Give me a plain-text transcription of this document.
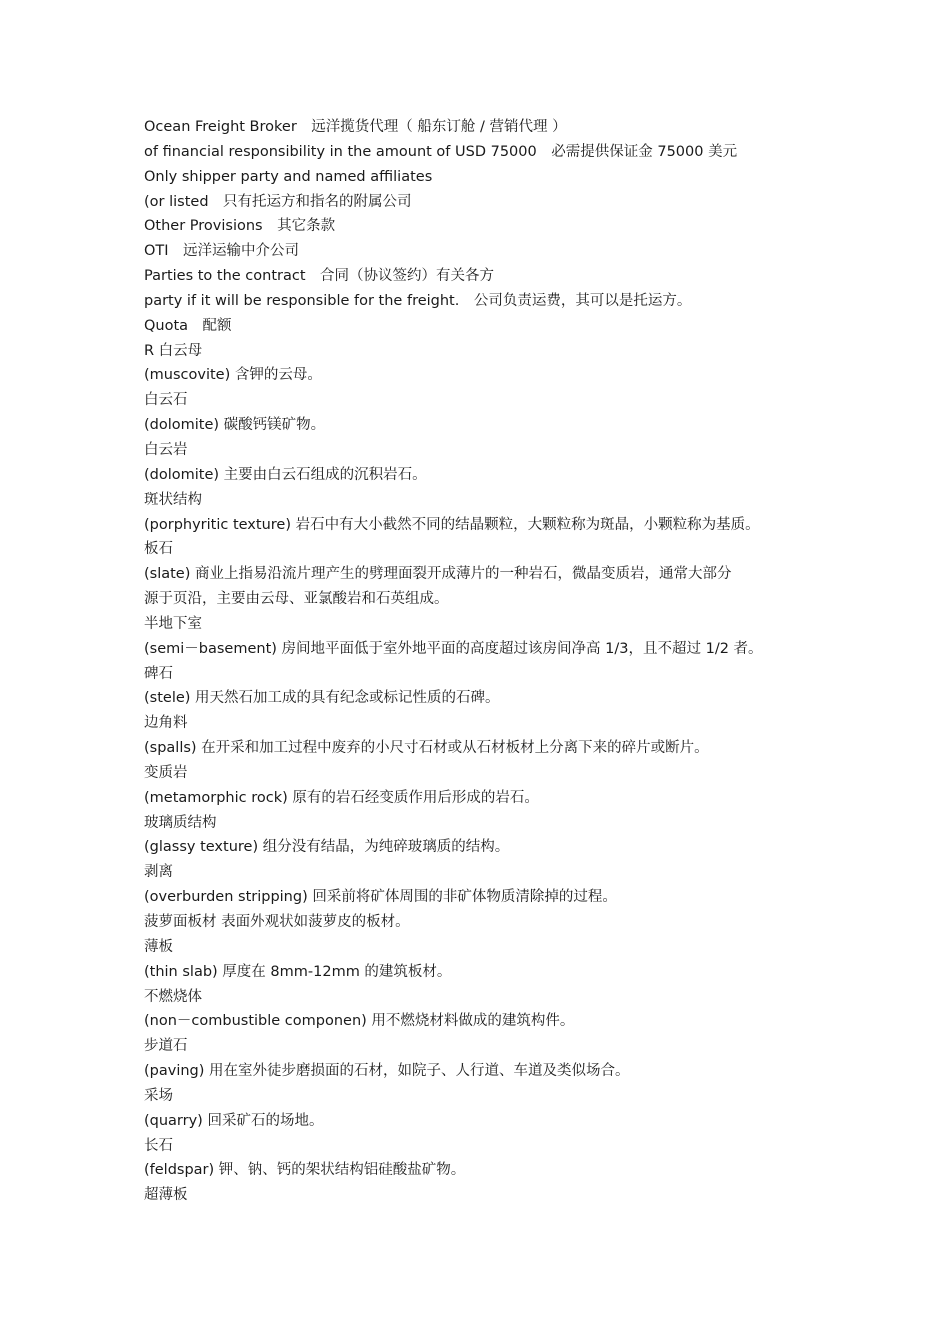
Ocean Freight Broker　远洋揽货代理（ 船东订舱 / 营销代理 ）
of financial responsibility in the amount of USD 75000　必需提供保证金 75000 美元
Only shipper party and named affiliates
(or listed　只有托运方和指名的附属公司
Other Provisions　其它条款
OTI　远洋运输中介公司
Parties to the contract　合同（协议签约）有关各方
party if it will be responsible for the freight.　公司负责运费，其可以是托运方。
Quota　配额
R 白云母
(muscovite) 含钾的云母。
白云石
(dolomite) 碳酸钙镁矿物。
白云岩
(dolomite) 主要由白云石组成的沉积岩石。
斑状结构
(porphyritic texture) 岩石中有大小截然不同的结晶颗粒，大颗粒称为斑晶，小颗粒称为基质。
板石
(slate) 商业上指易沿流片理产生的劈理面裂开成薄片的一种岩石，微晶变质岩，通常大部分
源于页沿，主要由云母、亚氯酸岩和石英组成。
半地下室
(semi－basement) 房间地平面低于室外地平面的高度超过该房间净高 1/3，且不超过 1/2 者。
碑石
(stele) 用天然石加工成的具有纪念或标记性质的石碑。
边角料
(spalls) 在开采和加工过程中废弃的小尺寸石材或从石材板材上分离下来的碎片或断片。
变质岩
(metamorphic rock) 原有的岩石经变质作用后形成的岩石。
玻璃质结构
(glassy texture) 组分没有结晶，为纯碎玻璃质的结构。
剥离
(overburden stripping) 回采前将矿体周围的非矿体物质清除掉的过程。
菠萝面板材 表面外观状如菠萝皮的板材。
薄板
(thin slab) 厚度在 8mm-12mm 的建筑板材。
不燃烧体
(non－combustible componen) 用不燃烧材料做成的建筑构件。
步道石
(paving) 用在室外徒步磨损面的石材，如院子、人行道、车道及类似场合。
采场
(quarry) 回采矿石的场地。
长石
(feldspar) 钾、钠、钙的架状结构铝硅酸盐矿物。
超薄板
